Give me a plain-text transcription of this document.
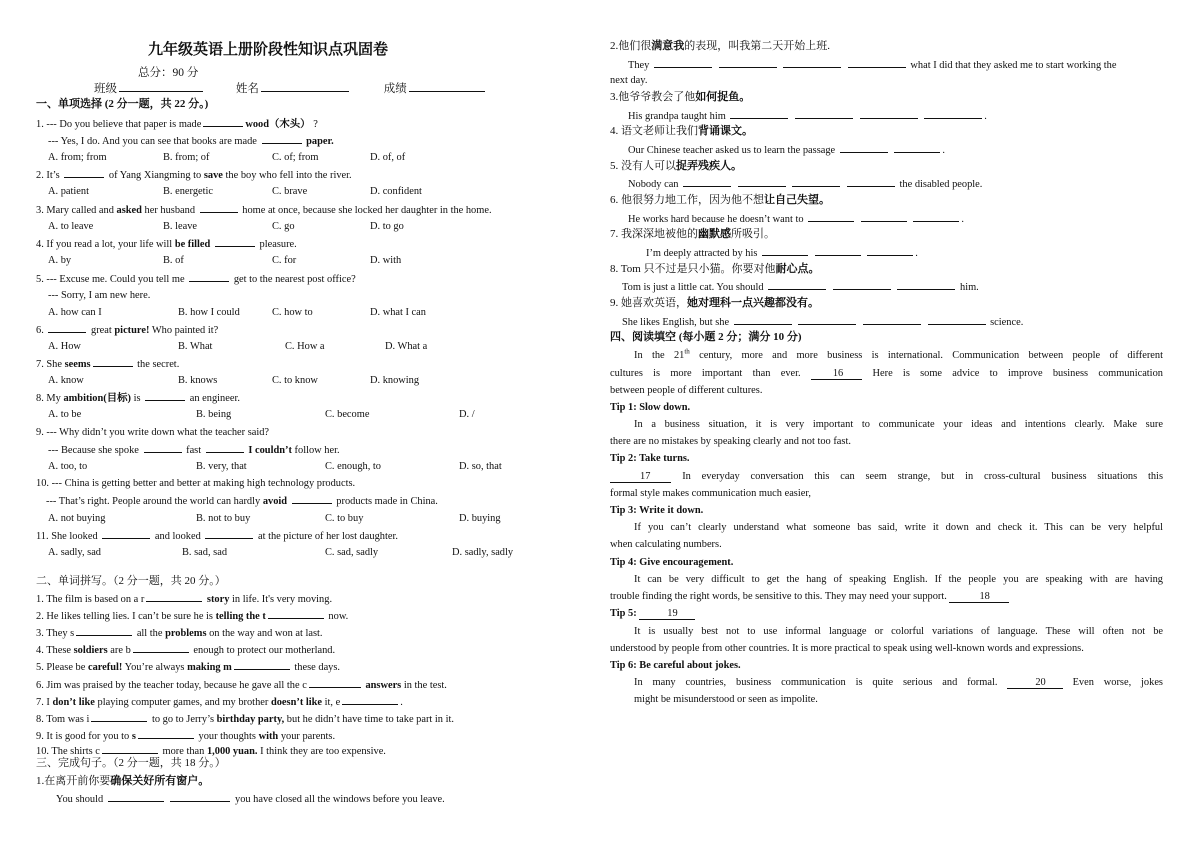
九年级英语上册阶段性知识点巩固卷
总分：90 分
班级	姓名	成绩
一、单项选择 (2 分一题，共 22 分。)
1. --- Do you believe that paper is made	wood（木头） ?
--- Yes, I do. And you can see that books are made	paper.
A. from; from	B. from; of	C. of; from	D. of, of
2. It’s	of Yang Xiangming to save the boy who fell into the river.
A. patient	B. energetic	C. brave	D. confident
3. Mary called and asked her husband	home at once, because she locked her daughter in the home.
A. to leave	B. leave	C. go	D. to go
4. If you read a lot, your life will be filled	pleasure.
A. by	B. of	C. for	D. with
5. --- Excuse me. Could you tell me	get to the nearest post office?
--- Sorry, I am new here.
A. how can I	B. how I could	C. how to	D. what I can
6.	great picture! Who painted it?
A. How	B. What	C. How a	D. What a
7. She seems	the secret.
A. know	B. knows	C. to know	D. knowing
8. My ambition(目标) is	an engineer.
A. to be	B. being	C. become	D. /
9. --- Why didn’t you write down what the teacher said?
--- Because she spoke	fast	I couldn’t follow her.
A. too, to	B. very, that	C. enough, to	D. so, that
10. --- China is getting better and better at making high technology products.
--- That’s right. People around the world can hardly avoid	products made in China.
A. not buying	B. not to buy	C. to buy	D. buying
11. She looked	and looked	at the picture of her lost daughter.
A. sadly, sad	B. sad, sad	C. sad, sadly	D. sadly, sadly
二、单词拼写。（2 分一题，共 20 分。）
1. The film is based on a r	story in life. It's very moving.
2. He likes telling lies. I can’t be sure he is telling the t	now.
3. They s	all the problems on the way and won at last.
4. These soldiers are b	enough to protect our motherland.
5. Please be careful! You’re always making m	these days.
6. Jim was praised by the teacher today, because he gave all the c	answers in the test.
7. I don’t like playing computer games, and my brother doesn’t like it, e	.
8. Tom was i	to go to Jerry’s birthday party, but he didn’t have time to take part in it.
9. It is good for you to s	your thoughts with your parents.
10. The shirts c	more than 1,000 yuan. I think they are too expensive.
三、完成句子。（2 分一题，共 18 分。）
1.在离开前你要确保关好所有窗户。
You should	you have closed all the windows before you leave.
2.他们很满意我的表现，叫我第二天开始上班.
They	what I did that they asked me to start working the
next day.
3.他爷爷教会了他如何捉鱼。
His grandpa taught him	.
4. 语文老师让我们背诵课文。
Our Chinese teacher asked us to learn the passage	.
5. 没有人可以捉弄残疾人。
Nobody can	the disabled people.
6. 他很努力地工作，因为他不想让自己失望。
He works hard because he doesn’t want to	.
7. 我深深地被他的幽默感所吸引。
I’m deeply attracted by his	.
8. Tom 只不过是只小猫。你要对他耐心点。
Tom is just a little cat. You should	him.
9. 她喜欢英语，她对理科一点兴趣都没有。
She likes English, but she	science.
四、阅读填空 (每小题 2 分；满分 10 分)
In the 21th century, more and more business is international. Communication between people of different
cultures is more important than ever.	16	Here is some advice to improve business communication
between people of different cultures.
Tip 1: Slow down.
In a business situation, it is very important to communicate your ideas and intentions clearly. Make sure
there are no mistakes by speaking clearly and not too fast.
Tip 2: Take turns.
17	In everyday conversation this can seem strange, but in cross-cultural business situations this
formal style makes communication much easier,
Tip 3: Write it down.
If you can’t clearly understand what someone bas said, write it down and check it. This can be very helpful
when calculating numbers.
Tip 4: Give encouragement.
It can be very difficult to get the hang of speaking English. If the people you are speaking with are having
trouble finding the right words, be sensitive to this. They may need your support.	18
Tip 5:	19
It is usually best not to use informal language or colorful variations of language. These will often not be
understood by people from other countries. It is more practical to speak using well-known words and expressions.
Tip 6: Be careful about jokes.
In many countries, business communication is quite serious and formal.	20	Even worse, jokes
might be misunderstood or seen as impolite.
